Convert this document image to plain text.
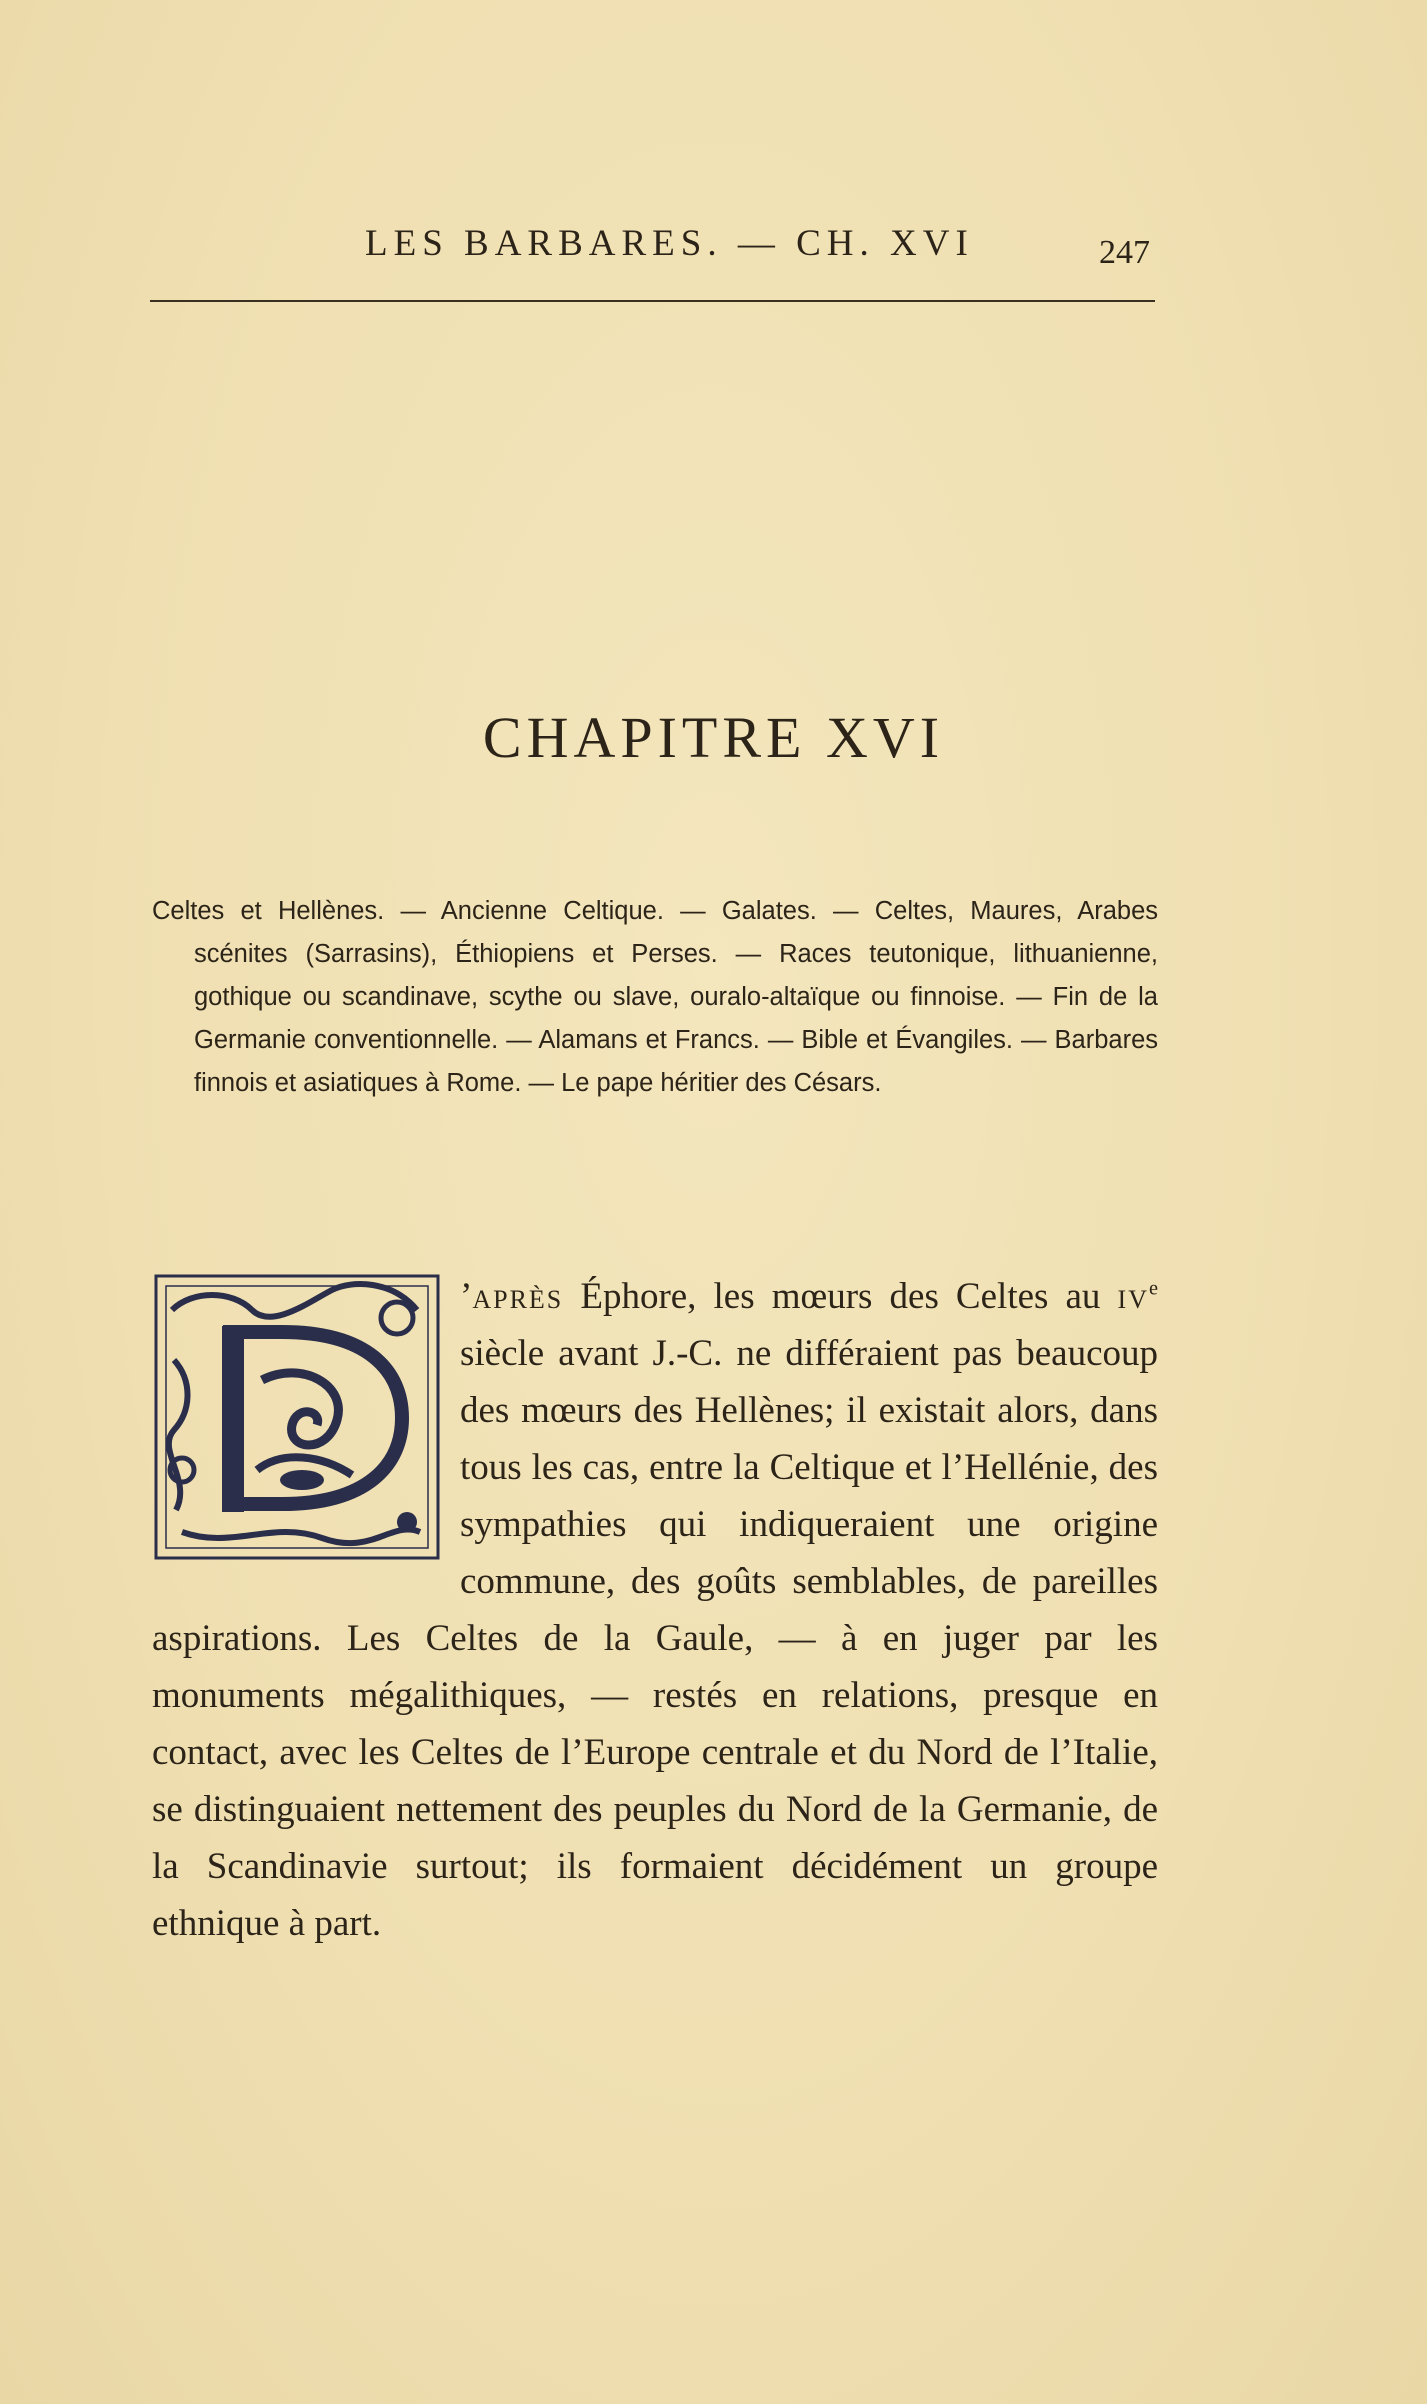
LES BARBARES. — CH. XVI	247
CHAPITRE XVI
Celtes et Hellènes. — Ancienne Celtique. — Galates. — Celtes, Maures, Arabes scénites (Sarrasins), Éthiopiens et Perses. — Races teutonique, lithuanienne, gothique ou scandinave, scythe ou slave, ouralo-altaïque ou finnoise. — Fin de la Germanie conventionnelle. — Alamans et Francs. — Bible et Évangiles. — Barbares finnois et asiatiques à Rome. — Le pape héritier des Césars.
’après Éphore, les mœurs des Celtes au $iv^e$ siècle avant J.-C. ne différaient pas beaucoup des mœurs des Hellènes; il existait alors, dans tous les cas, entre la Celtique et l’Hellénie, des sympathies qui indiqueraient une origine commune, des goûts semblables, de pareilles aspirations. Les Celtes de la Gaule, — à en juger par les monuments mégalithiques, — restés en relations, presque en contact, avec les Celtes de l’Europe centrale et du Nord de l’Italie, se distinguaient nettement des peuples du Nord de la Germanie, de la Scandinavie surtout; ils formaient décidément un groupe ethnique à part.
